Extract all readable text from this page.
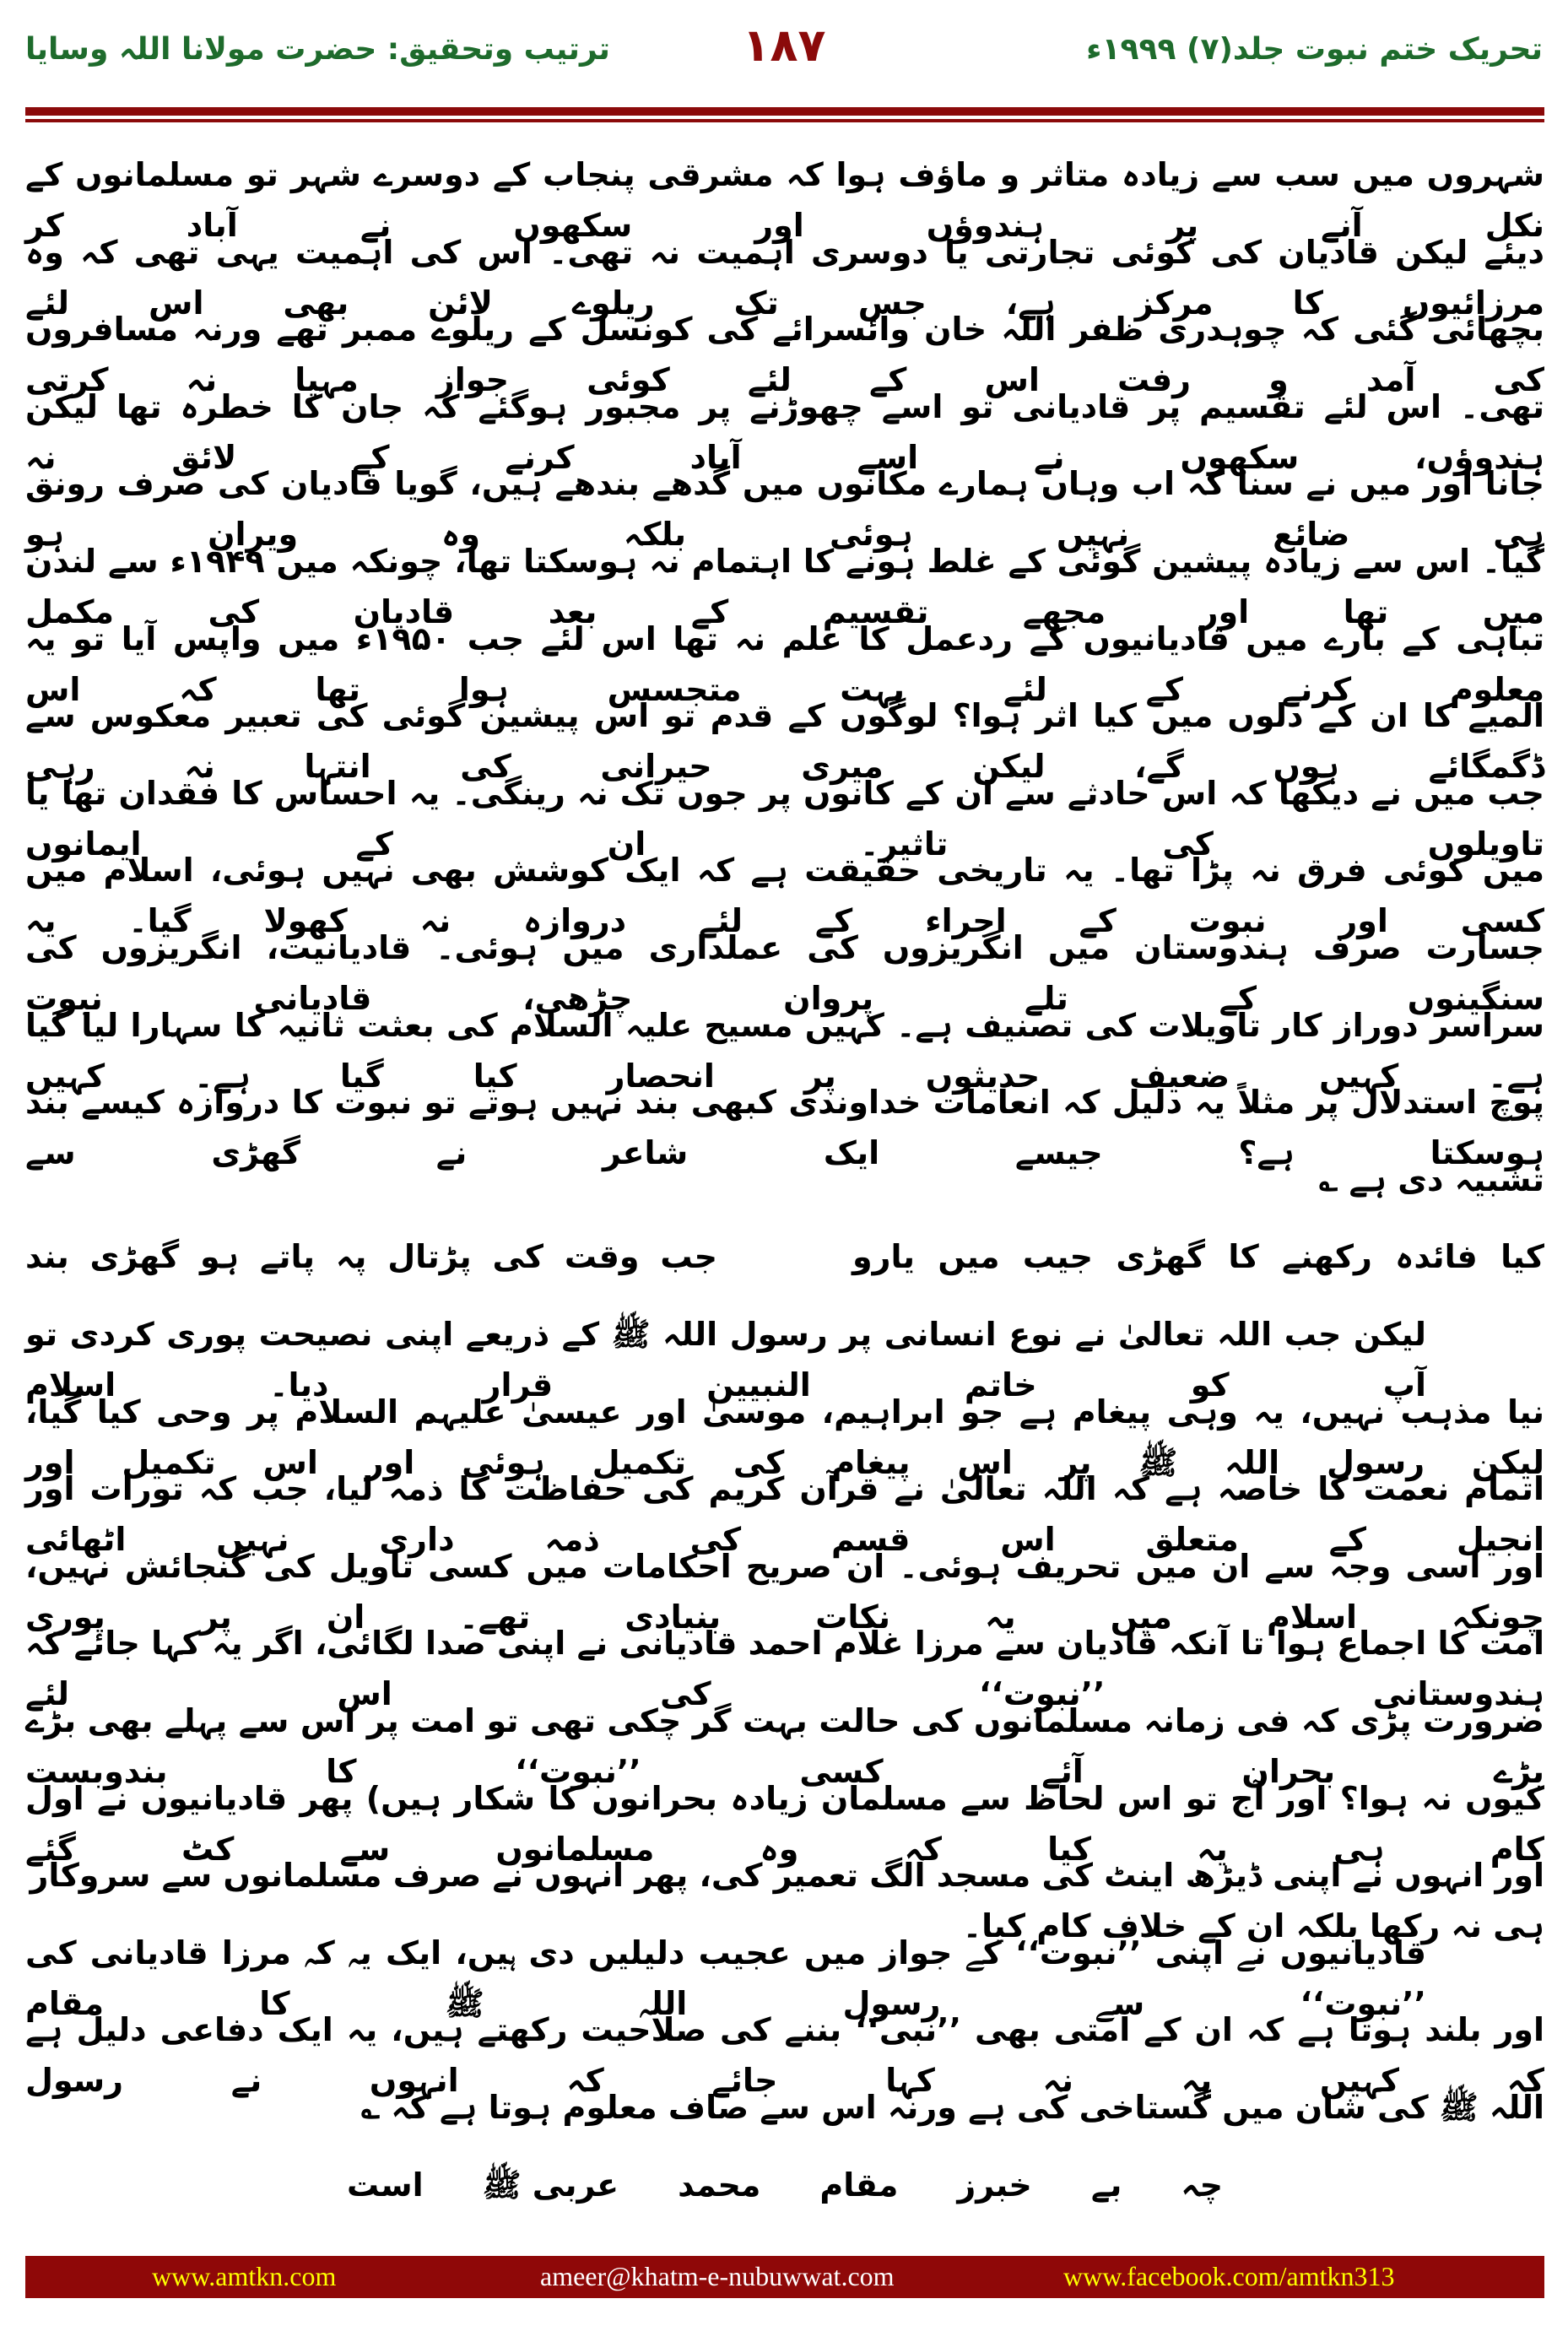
تحریک ختم نبوت جلد(۷) ۱۹۹۹ء
۱۸۷
ترتیب وتحقیق: حضرت مولانا اللہ وسایا
شہروں میں سب سے زیادہ متاثر و ماؤف ہوا کہ مشرقی پنجاب کے دوسرے شہر تو مسلمانوں کے نکل آنے پر ہندوؤں اور سکھوں نے آباد کر
دیئے لیکن قادیان کی کوئی تجارتی یا دوسری اہمیت نہ تھی۔ اس کی اہمیت یہی تھی کہ وہ مرزائیوں کا مرکز ہے، جس تک ریلوے لائن بھی اس لئے
بچھائی گئی کہ چوہدری ظفر اللہ خان وائسرائے کی کونسل کے ریلوے ممبر تھے ورنہ مسافروں کی آمد و رفت اس کے لئے کوئی جواز مہیا نہ کرتی
تھی۔ اس لئے تقسیم پر قادیانی تو اسے چھوڑنے پر مجبور ہوگئے کہ جان کا خطرہ تھا لیکن ہندوؤں، سکھوں نے اسے آباد کرنے کے لائق نہ
جانا اور میں نے سنا کہ اب وہاں ہمارے مکانوں میں گدھے بندھے ہیں، گویا قادیان کی صرف رونق ہی ضائع نہیں ہوئی بلکہ وہ ویران ہو
گیا۔ اس سے زیادہ پیشین گوئی کے غلط ہونے کا اہتمام نہ ہوسکتا تھا، چونکہ میں ۱۹۴۹ء سے لندن میں تھا اور مجھے تقسیم کے بعد قادیان کی مکمل
تباہی کے بارے میں قادیانیوں کے ردعمل کا علم نہ تھا اس لئے جب ۱۹۵۰ء میں واپس آیا تو یہ معلوم کرنے کے لئے بہت متجسس ہوا تھا کہ اس
المیے کا ان کے دلوں میں کیا اثر ہوا؟ لوگوں کے قدم تو اس پیشین گوئی کی تعبیر معکوس سے ڈگمگائے ہوں گے، لیکن میری حیرانی کی انتہا نہ رہی
جب میں نے دیکھا کہ اس حادثے سے ان کے کانوں پر جوں تک نہ رینگی۔ یہ احساس کا فقدان تھا یا تاویلوں کی تاثیر۔ ان کے ایمانوں
میں کوئی فرق نہ پڑا تھا۔ یہ تاریخی حقیقت ہے کہ ایک کوشش بھی نہیں ہوئی، اسلام میں کسی اور نبوت کے اجراء کے لئے دروازہ نہ کھولا گیا۔ یہ
جسارت صرف ہندوستان میں انگریزوں کی عملداری میں ہوئی۔ قادیانیت، انگریزوں کی سنگینوں کے تلے پروان چڑھی، قادیانی نبوت
سراسر دوراز کار تاویلات کی تصنیف ہے۔ کہیں مسیح علیہ السلام کی بعثت ثانیہ کا سہارا لیا گیا ہے۔ کہیں ضعیف حدیثوں پر انحصار کیا گیا ہے۔ کہیں
پوچ استدلال پر مثلاً یہ دلیل کہ انعامات خداوندی کبھی بند نہیں ہوتے تو نبوت کا دروازہ کیسے بند ہوسکتا ہے؟ جیسے ایک شاعر نے گھڑی سے
تشبیہ دی ہے ؎
کیا فائدہ رکھنے کا گھڑی جیب میں یارو
جب وقت کی پڑتال پہ پاتے ہو گھڑی بند
لیکن جب اللہ تعالیٰ نے نوع انسانی پر رسول اللہ ﷺ کے ذریعے اپنی نصیحت پوری کردی تو آپ کو خاتم النبیین قرار دیا۔ اسلام
نیا مذہب نہیں، یہ وہی پیغام ہے جو ابراہیم، موسیٰ اور عیسیٰ علیہم السلام پر وحی کیا گیا، لیکن رسول اللہ ﷺ پر اس پیغام کی تکمیل ہوئی اور اس تکمیل اور
اتمام نعمت کا خاصہ ہے کہ اللہ تعالیٰ نے قرآن کریم کی حفاظت کا ذمہ لیا، جب کہ تورات اور انجیل کے متعلق اس قسم کی ذمہ داری نہیں اٹھائی
اور اسی وجہ سے ان میں تحریف ہوئی۔ ان صریح احکامات میں کسی تاویل کی گنجائش نہیں، چونکہ اسلام میں یہ نکات بنیادی تھے۔ ان پر پوری
امت کا اجماع ہوا تا آنکہ قادیان سے مرزا غلام احمد قادیانی نے اپنی صدا لگائی، اگر یہ کہا جائے کہ ہندوستانی ’’نبوت‘‘ کی اس لئے
ضرورت پڑی کہ فی زمانہ مسلمانوں کی حالت بہت گر چکی تھی تو امت پر اس سے پہلے بھی بڑے بڑے بحران آئے کسی ’’نبوت‘‘ کا بندوبست
کیوں نہ ہوا؟ اور آج تو اس لحاظ سے مسلمان زیادہ بحرانوں کا شکار ہیں) پھر قادیانیوں نے اول کام ہی یہ کیا کہ وہ مسلمانوں سے کٹ گئے
اور انہوں نے اپنی ڈیڑھ اینٹ کی مسجد الگ تعمیر کی، پھر انہوں نے صرف مسلمانوں سے سروکار ہی نہ رکھا بلکہ ان کے خلاف کام کیا۔
قادیانیوں نے اپنی ’’نبوت‘‘ کے جواز میں عجیب دلیلیں دی ہیں، ایک یہ کہ مرزا قادیانی کی ’’نبوت‘‘ سے رسول اللہ ﷺ کا مقام
اور بلند ہوتا ہے کہ ان کے امتی بھی ’’نبی‘‘ بننے کی صلاحیت رکھتے ہیں، یہ ایک دفاعی دلیل ہے کہ کہیں یہ نہ کہا جائے کہ انہوں نے رسول
اللہ ﷺ کی شان میں گستاخی کی ہے ورنہ اس سے صاف معلوم ہوتا ہے کہ ؎
چہ
بے
خبرز
مقام
محمد
عربی ﷺ
است
www.amtkn.com	ameer@khatm-e-nubuwwat.com	www.facebook.com/amtkn313
